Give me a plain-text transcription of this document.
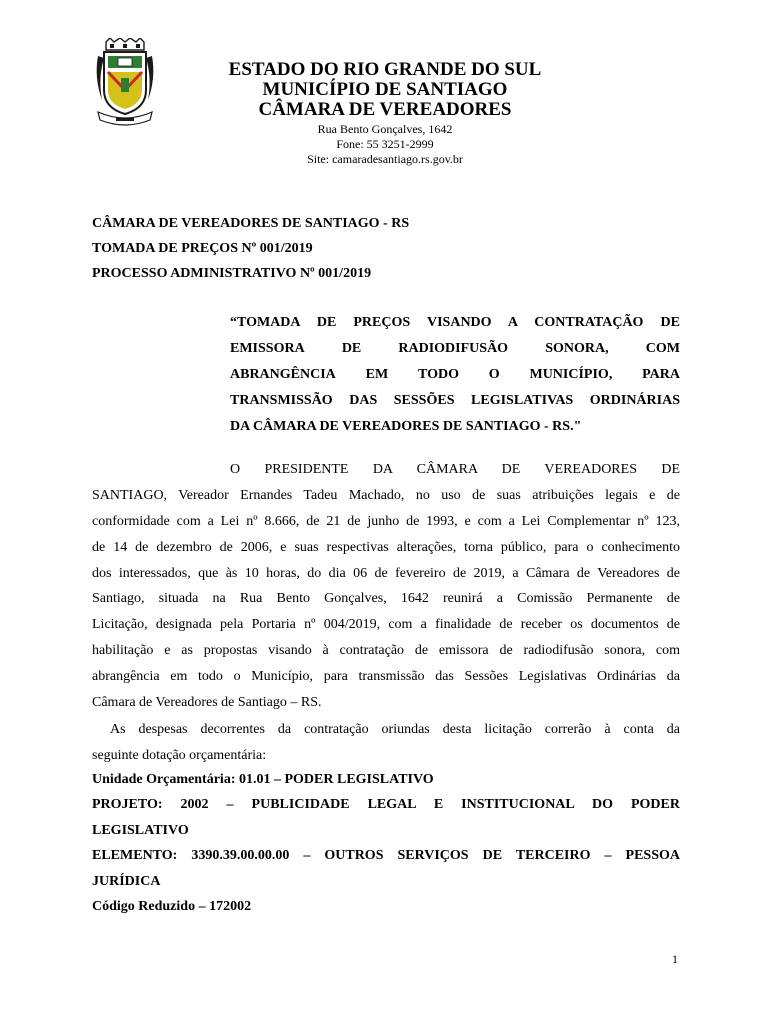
ESTADO DO RIO GRANDE DO SUL

MUNICÍPIO DE SANTIAGO

CÂMARA DE VEREADORES

Rua Bento Gonçalves, 1642

Fone: 55 3251-2999

Site: camaradesantiago.rs.gov.br

CÂMARA DE VEREADORES DE SANTIAGO - RS

TOMADA DE PREÇOS Nº 001/2019

PROCESSO ADMINISTRATIVO Nº 001/2019

“TOMADA DE PREÇOS VISANDO A CONTRATAÇÃO DE
EMISSORA	DE	RADIODIFUSÃO	SONORA,	COM
ABRANGÊNCIA EM TODO O MUNICÍPIO, PARA
TRANSMISSÃO DAS SESSÕES LEGISLATIVAS ORDINÁRIAS
DA CÂMARA DE VEREADORES DE SANTIAGO - RS."
O PRESIDENTE DA CÂMARA DE VEREADORES DE
SANTIAGO, Vereador Ernandes Tadeu Machado, no uso de suas atribuições legais e de
conformidade com a Lei nº 8.666, de 21 de junho de 1993, e com a Lei Complementar nº 123,
de 14 de dezembro de 2006, e suas respectivas alterações, torna público, para o conhecimento
dos interessados, que às 10 horas, do dia 06 de fevereiro de 2019, a Câmara de Vereadores de
Santiago, situada na Rua Bento Gonçalves, 1642 reunirá a Comissão Permanente de
Licitação, designada pela Portaria nº 004/2019, com a finalidade de receber os documentos de
habilitação e as propostas visando à contratação de emissora de radiodifusão sonora, com
abrangência em todo o Município, para transmissão das Sessões Legislativas Ordinárias da
Câmara de Vereadores de Santiago – RS.
As despesas decorrentes da contratação oriundas desta licitação correrão à conta da
seguinte dotação orçamentária:
Unidade Orçamentária: 01.01 – PODER LEGISLATIVO
PROJETO: 2002 – PUBLICIDADE LEGAL E INSTITUCIONAL DO PODER
LEGISLATIVO
ELEMENTO: 3390.39.00.00.00 – OUTROS SERVIÇOS DE TERCEIRO – PESSOA
JURÍDICA
Código Reduzido – 172002
1
